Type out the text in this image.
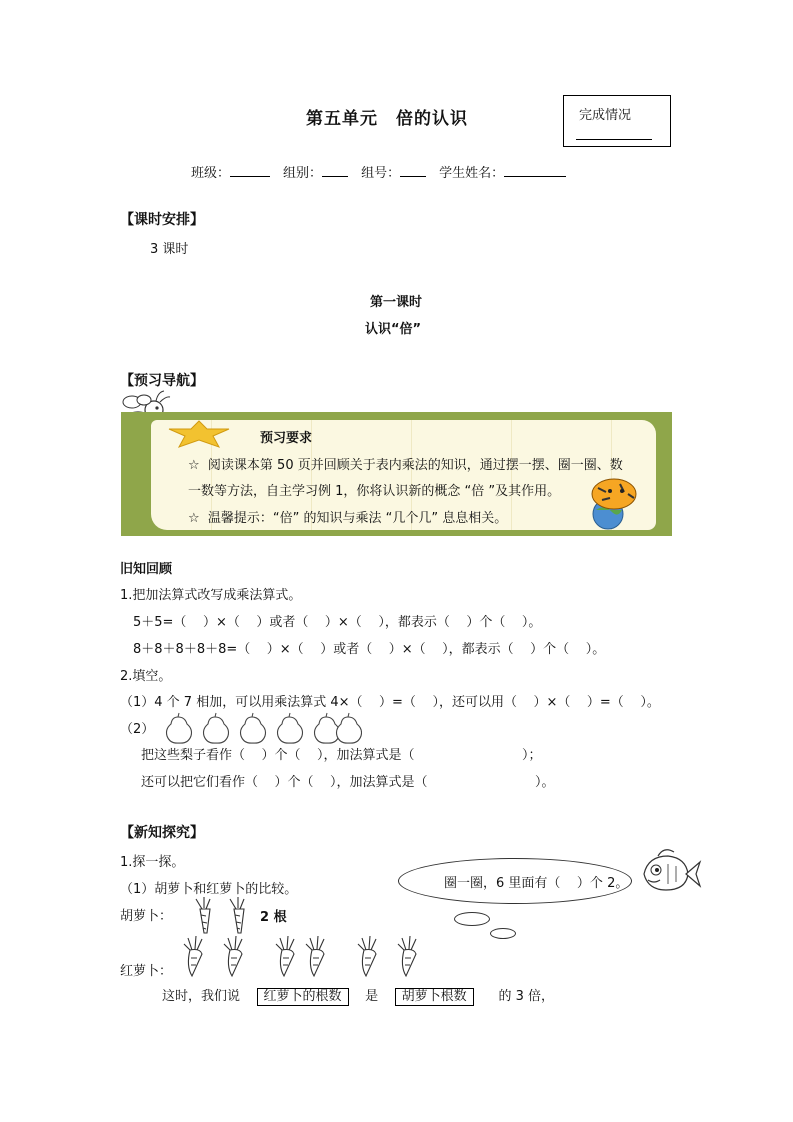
第五单元　倍的认识	完成情况
班级：　	组别：　	组号：　	学生姓名：
【课时安排】
3 课时
第一课时
认识“倍”
【预习导航】
预习要求
☆  阅读课本第 50 页并回顾关于表内乘法的知识，通过摆一摆、圈一圈、数
一数等方法，自主学习例 1，你将认识新的概念 “倍 ”及其作用。
☆  温馨提示：“倍” 的知识与乘法 “几个几” 息息相关。
旧知回顾
1.把加法算式改写成乘法算式。
5＋5=（    ）×（    ）或者（    ）×（    ），都表示（    ）个（    ）。
8＋8＋8＋8＋8=（    ）×（    ）或者（    ）×（    ），都表示（    ）个（    ）。
2.填空。
（1）4 个 7 相加，可以用乘法算式 4×（    ）=（    ），还可以用（    ）×（    ）=（    ）。
（2）
把这些梨子看作（    ）个（    ），加法算式是（                          ）；
还可以把它们看作（    ）个（    ），加法算式是（                          ）。
【新知探究】
1.探一探。
（1）胡萝卜和红萝卜的比较。	圈一圈，6 里面有（    ）个 2。
胡萝卜：	2 根
红萝卜：
这时，我们说 红萝卜的根数 是 胡萝卜根数 的 3 倍，
